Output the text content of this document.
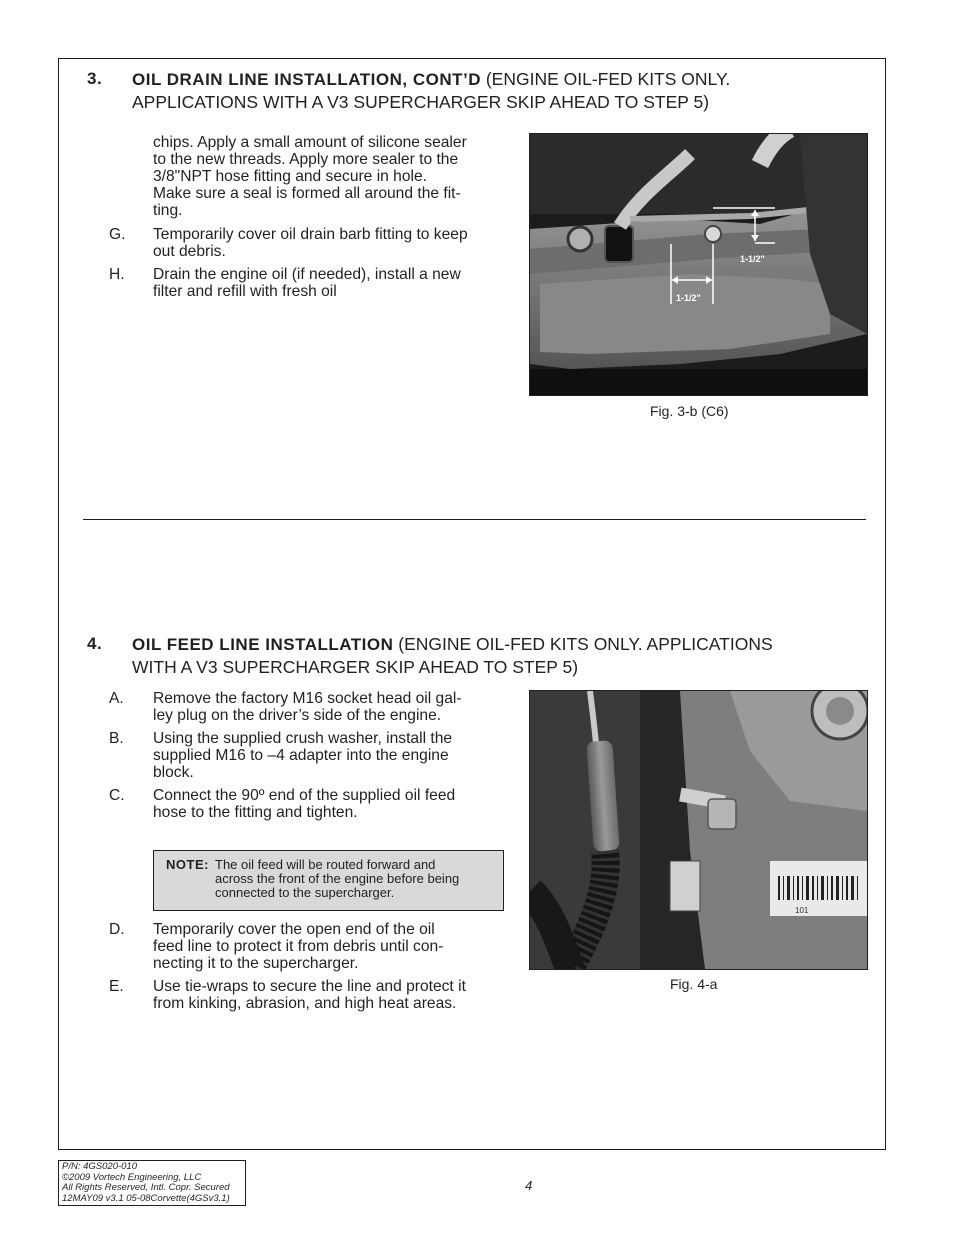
3.	OIL DRAIN LINE INSTALLATION, CONT’D (ENGINE OIL-FED KITS ONLY.
APPLICATIONS WITH A V3 SUPERCHARGER SKIP AHEAD TO STEP 5)
chips. Apply a small amount of silicone sealer
to the new threads. Apply more sealer to the
3/8"NPT hose fitting and secure in hole.
Make sure a seal is formed all around the fit-
ting.
G. Temporarily cover oil drain barb fitting to keep
out debris.
H. Drain the engine oil (if needed), install a new
filter and refill with fresh oil
1-1/2"
1-1/2"
Fig. 3-b (C6)
4.	OIL FEED LINE INSTALLATION (ENGINE OIL-FED KITS ONLY. APPLICATIONS
WITH A V3 SUPERCHARGER SKIP AHEAD TO STEP 5)
A.	Remove the factory M16 socket head oil gal-
ley plug on the driver’s side of the engine.
B.	Using the supplied crush washer, install the
supplied M16 to –4 adapter into the engine
block.
C. Connect the 90º end of the supplied oil feed
hose to the fitting and tighten.
NOTE: The oil feed will be routed forward and
across the front of the engine before being
connected to the supercharger.
D. Temporarily cover the open end of the oil
feed line to protect it from debris until con-
necting it to the supercharger.
E.	Use tie-wraps to secure the line and protect it
from kinking, abrasion, and high heat areas.
101
Fig. 4-a
P/N: 4GS020-010
©2009 Vortech Engineering, LLC
All Rights Reserved, Intl. Copr. Secured
12MAY09 v3.1 05-08Corvette(4GSv3.1)
4
